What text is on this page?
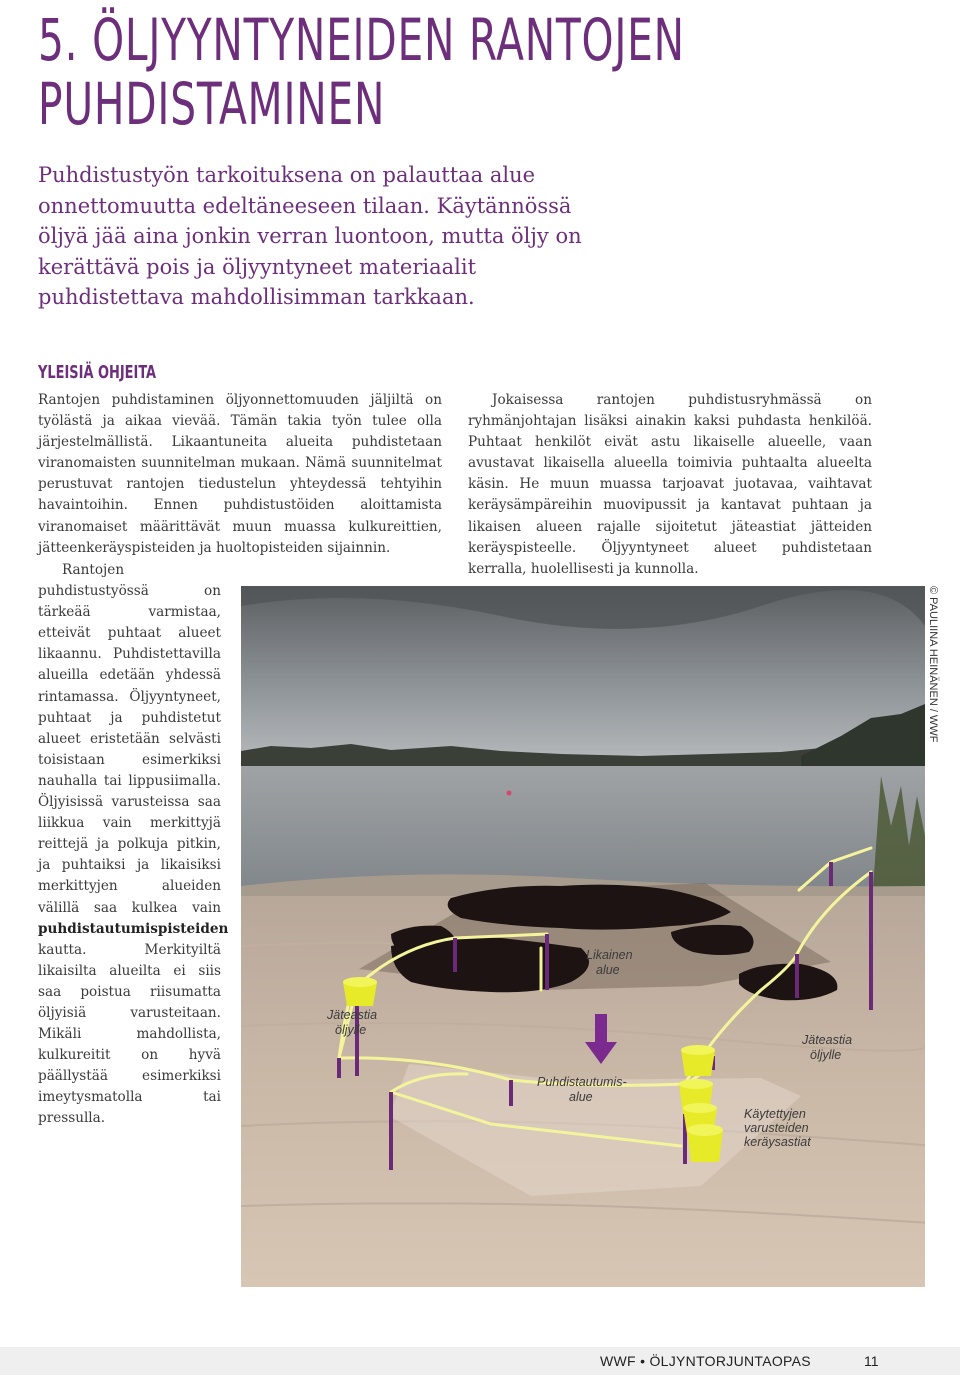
5. ÖLJYYNTYNEIDEN RANTOJEN
PUHDISTAMINEN

Puhdistustyön tarkoituksena on palauttaa alue onnettomuutta edeltäneeseen tilaan. Käytännössä öljyä jää aina jonkin verran luontoon, mutta öljy on kerättävä pois ja öljyyntyneet materiaalit puhdistettava mahdollisimman tarkkaan.

YLEISIÄ OHJEITA

Rantojen puhdistaminen öljyonnettomuuden jäljiltä on työlästä ja aikaa vievää. Tämän takia työn tulee olla järjestelmällistä. Likaantuneita alueita puhdistetaan viranomaisten suunnitelman mukaan. Nämä suunnitelmat perustuvat rantojen tiedustelun yhteydessä tehtyihin havaintoihin. Ennen puhdistustöiden aloittamista viranomaiset määrittävät muun muassa kulkureittien, jätteenkeräyspisteiden ja huoltopisteiden sijainnin.

Jokaisessa rantojen puhdistusryhmässä on ryhmänjohtajan lisäksi ainakin kaksi puhdasta henkilöä. Puhtaat henkilöt eivät astu likaiselle alueelle, vaan avustavat likaisella alueella toimivia puhtaalta alueelta käsin. He muun muassa tarjoavat juotavaa, vaihtavat keräysämpäreihin muovipussit ja kantavat puhtaan ja likaisen alueen rajalle sijoitetut jäteastiat jätteiden keräyspisteelle. Öljyyntyneet alueet puhdistetaan kerralla, huolellisesti ja kunnolla.

Rantojen puhdistustyössä on tärkeää varmistaa, etteivät puhtaat alueet likaannu. Puhdistettavilla alueilla edetään yhdessä rintamassa. Öljyyntyneet, puhtaat ja puhdistetut alueet eristetään selvästi toisistaan esimerkiksi nauhalla tai lippusiimalla. Öljyisissä varusteissa saa liikkua vain merkittyjä reittejä ja polkuja pitkin, ja puhtaiksi ja likaisiksi merkittyjen alueiden välillä saa kulkea vain puhdistautumispisteiden kautta. Merkityiltä likaisilta alueilta ei siis saa poistua riisumatta öljyisiä varusteitaan. Mikäli mahdollista, kulkureitit on hyvä päällystää esimerkiksi imeytysmatolla tai pressulla.

Likainen alue
Jäteastia öljylle
Jäteastia öljylle
Puhdistautumis-alue
Käytettyjen varusteiden keräysastiat
© PAULIINA HEINÄNEN / WWF
WWF • ÖLJYNTORJUNTAOPAS	11
